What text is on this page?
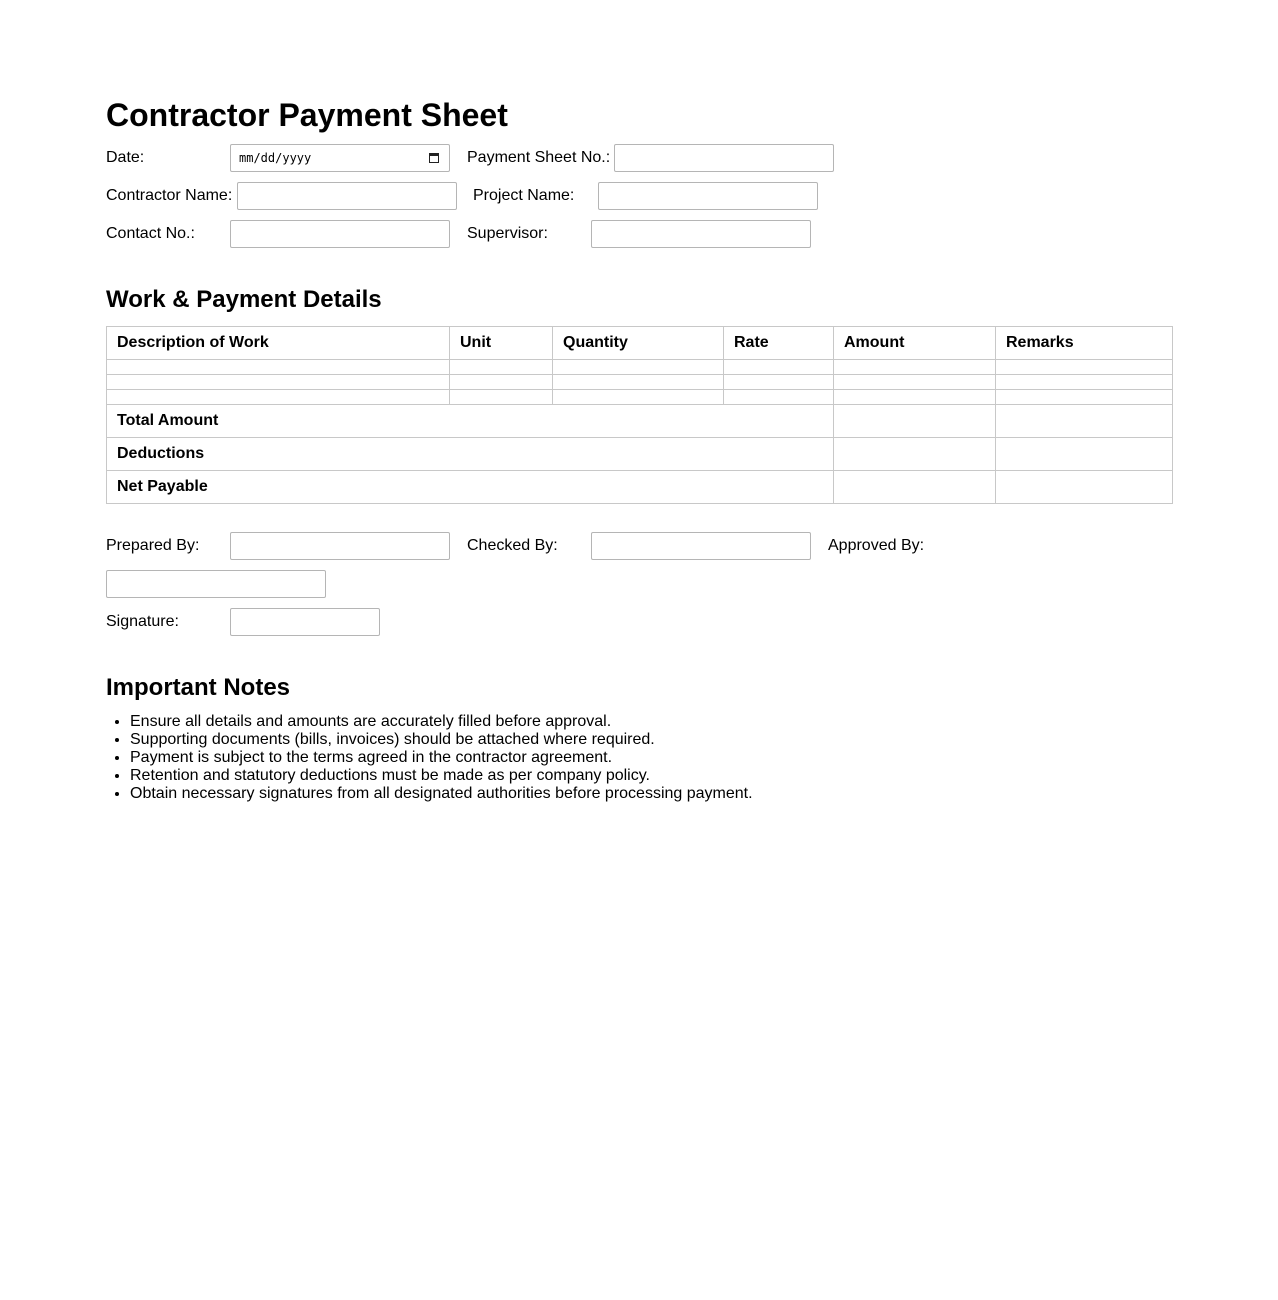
Contractor Payment Sheet
Date:	mm/dd/yyyy	Payment Sheet No.:
Contractor Name:	Project Name:
Contact No.:	Supervisor:
Work & Payment Details
Description of Work	Unit	Quantity	Rate	Amount	Remarks

Total Amount					
Deductions					
Net Payable					
Prepared By:	Checked By:	Approved By:
Signature:
Important Notes
• Ensure all details and amounts are accurately filled before approval.
• Supporting documents (bills, invoices) should be attached where required.
• Payment is subject to the terms agreed in the contractor agreement.
• Retention and statutory deductions must be made as per company policy.
• Obtain necessary signatures from all designated authorities before processing payment.
